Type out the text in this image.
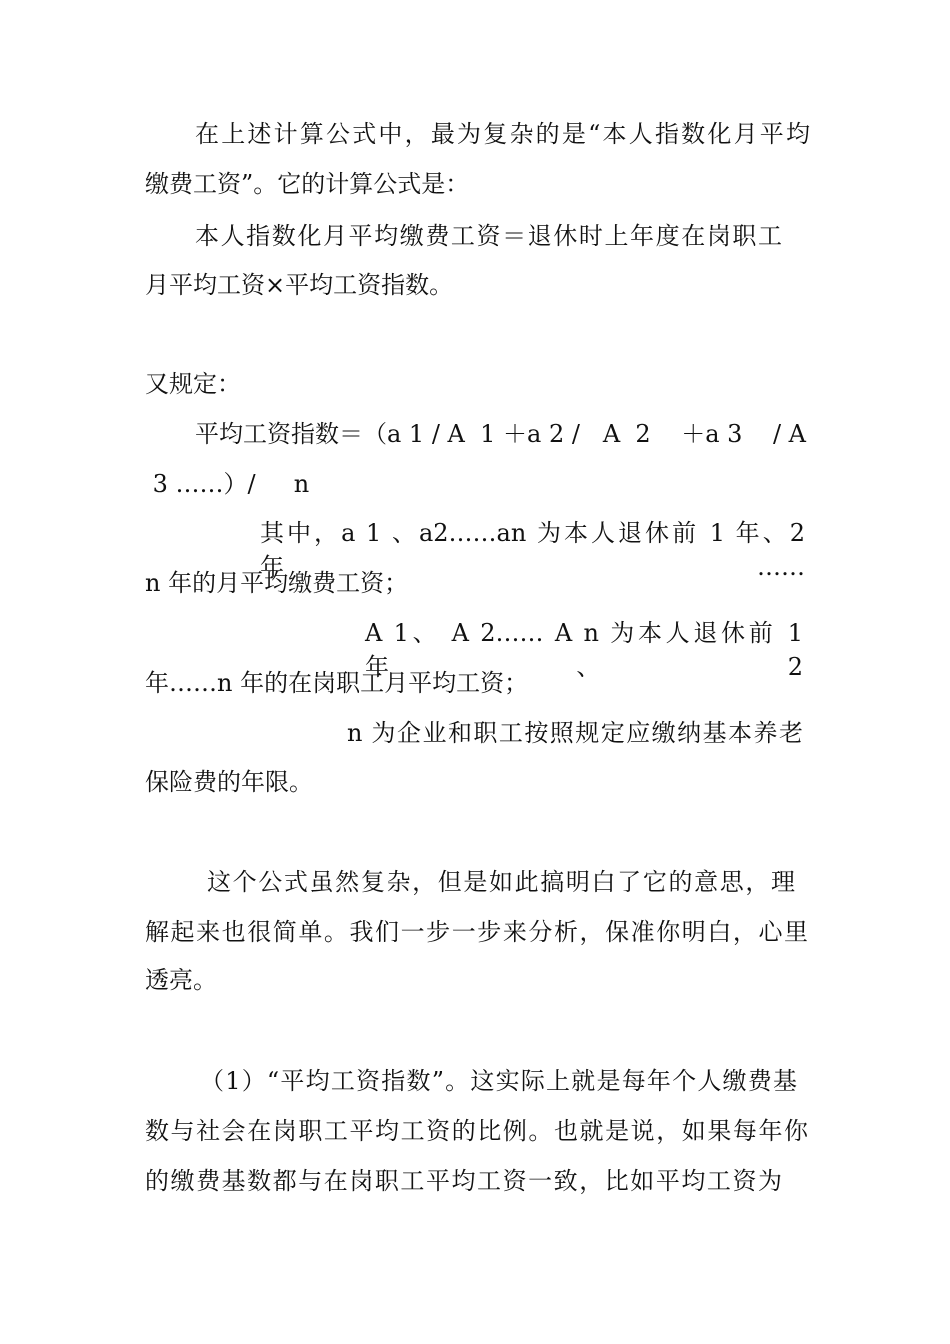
在上述计算公式中，最为复杂的是“本人指数化月平均
缴费工资”。它的计算公式是：
本人指数化月平均缴费工资＝退休时上年度在岗职工
月平均工资×平均工资指数。
又规定：
平均工资指数＝（a 1 / A  1 ＋a 2 /   A  2    ＋a 3    / A
3 ……）/     n
其中，a 1 、a2……an 为本人退休前 1 年、2 年……
n 年的月平均缴费工资；
A 1、 A 2…… A n 为本人退休前 1 年、2
年……n 年的在岗职工月平均工资；
n 为企业和职工按照规定应缴纳基本养老
保险费的年限。
这个公式虽然复杂，但是如此搞明白了它的意思，理
解起来也很简单。我们一步一步来分析，保准你明白，心里
透亮。
（1）“平均工资指数”。这实际上就是每年个人缴费基
数与社会在岗职工平均工资的比例。也就是说，如果每年你
的缴费基数都与在岗职工平均工资一致，比如平均工资为
